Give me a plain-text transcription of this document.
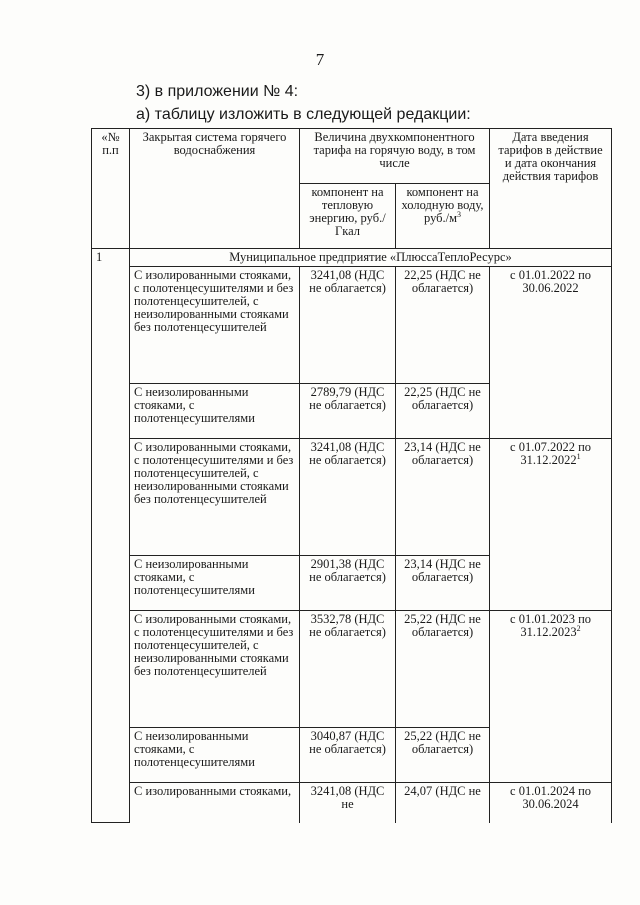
7
3) в приложении № 4:
а) таблицу изложить в следующей редакции:
«№ п.п	Закрытая система горячего водоснабжения	Величина двухкомпонентного тарифа на горячую воду, в том числе		Дата введения тарифов в действие и дата окончания действия тарифов
		компонент на тепловую энергию, руб./Гкал	компонент на холодную воду, $руб./м^3$
1	Муниципальное предприятие «ПлюссаТеплоРесурс»			
	С изолированными стояками, с полотенцесушителями и без полотенцесушителей, с неизолированными стояками без полотенцесушителей	3241,08 (НДС не облагается)	22,25 (НДС не облагается)	с 01.01.2022 по 30.06.2022
	С неизолированными стояками, с полотенцесушителями	2789,79 (НДС не облагается)	22,25 (НДС не облагается)	
	С изолированными стояками, с полотенцесушителями и без полотенцесушителей, с неизолированными стояками без полотенцесушителей	3241,08 (НДС не облагается)	23,14 (НДС не облагается)	с 01.07.2022 по 31.12.2022$^1$
	С неизолированными стояками, с полотенцесушителями	2901,38 (НДС не облагается)	23,14 (НДС не облагается)	
	С изолированными стояками, с полотенцесушителями и без полотенцесушителей, с неизолированными стояками без полотенцесушителей	3532,78 (НДС не облагается)	25,22 (НДС не облагается)	с 01.01.2023 по 31.12.2023$^2$
	С неизолированными стояками, с полотенцесушителями	3040,87 (НДС не облагается)	25,22 (НДС не облагается)	
	С изолированными стояками,	3241,08 (НДС не	24,07 (НДС не	с 01.01.2024 по 30.06.2024
